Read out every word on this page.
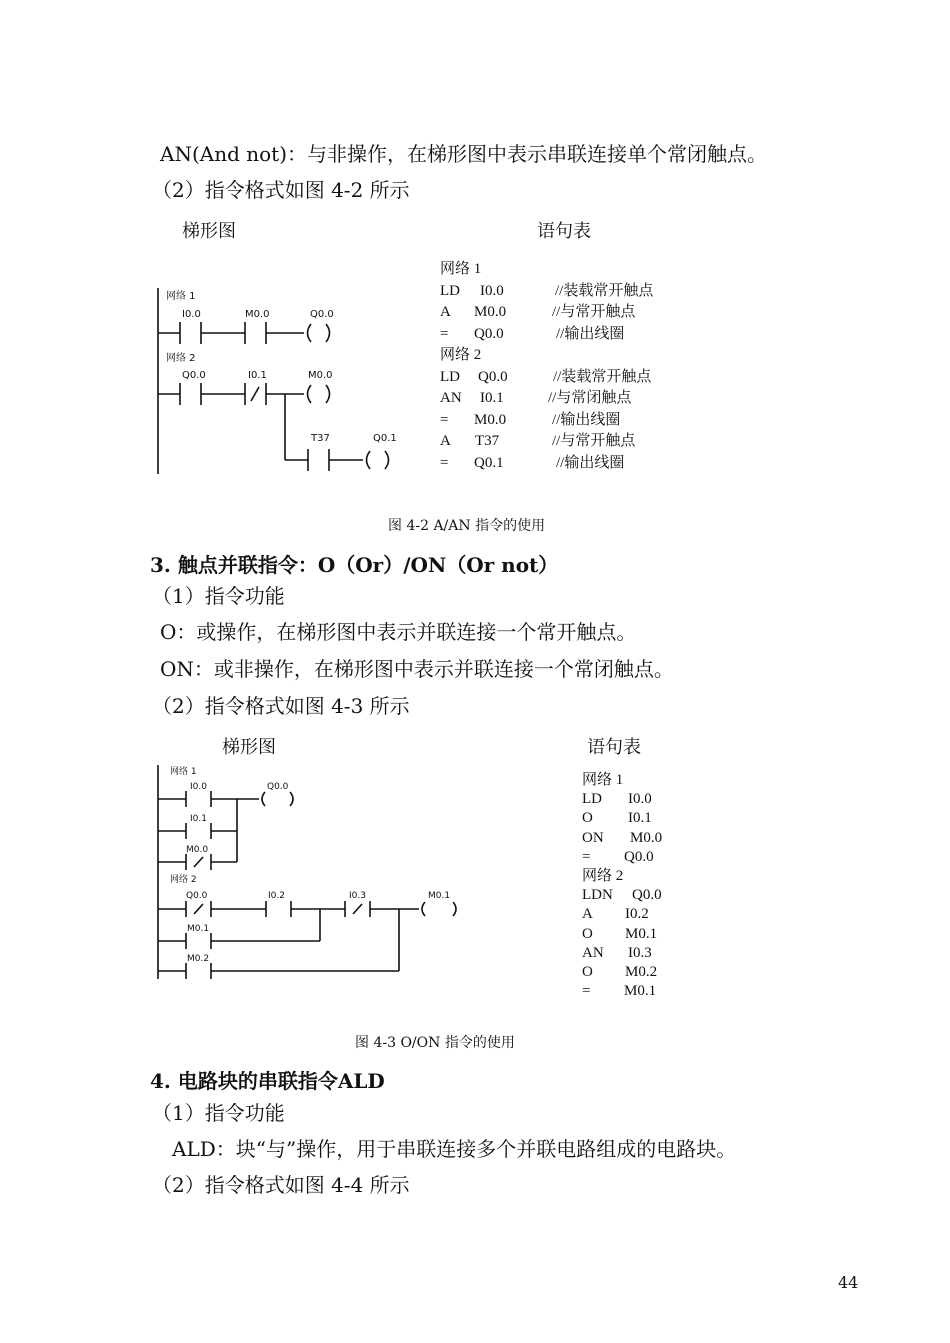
AN(And not)：与非操作，在梯形图中表示串联连接单个常闭触点。
（2）指令格式如图 4-2 所示
梯形图	语句表
网络 1
I0.0	M0.0	Q0.0
网络 2
Q0.0	I0.1	M0.0
T37	Q0.1
网络 1
LD I0.0	//装载常开触点
A M0.0	//与常开触点
= Q0.0	//输出线圈
网络 2
LD Q0.0	//装载常开触点
AN I0.1	//与常闭触点
= M0.0	//输出线圈
A T37	//与常开触点
= Q0.1	//输出线圈
图 4-2 A/AN 指令的使用
3. 触点并联指令：O（Or）/ON（Or not）
（1）指令功能
O：或操作，在梯形图中表示并联连接一个常开触点。
ON：或非操作，在梯形图中表示并联连接一个常闭触点。
（2）指令格式如图 4-3 所示
梯形图	语句表
网络 1
I0.0	Q0.0
I0.1
M0.0
网络 2
Q0.0	I0.2	I0.3	M0.1
M0.1
M0.2
网络 1
LD I0.0
O I0.1
ON M0.0
= Q0.0
网络 2
LDN Q0.0
A I0.2
O M0.1
AN I0.3
O M0.2
= M0.1
图 4-3 O/ON 指令的使用
4. 电路块的串联指令ALD
（1）指令功能
ALD：块“与”操作，用于串联连接多个并联电路组成的电路块。
（2）指令格式如图 4-4 所示
44
